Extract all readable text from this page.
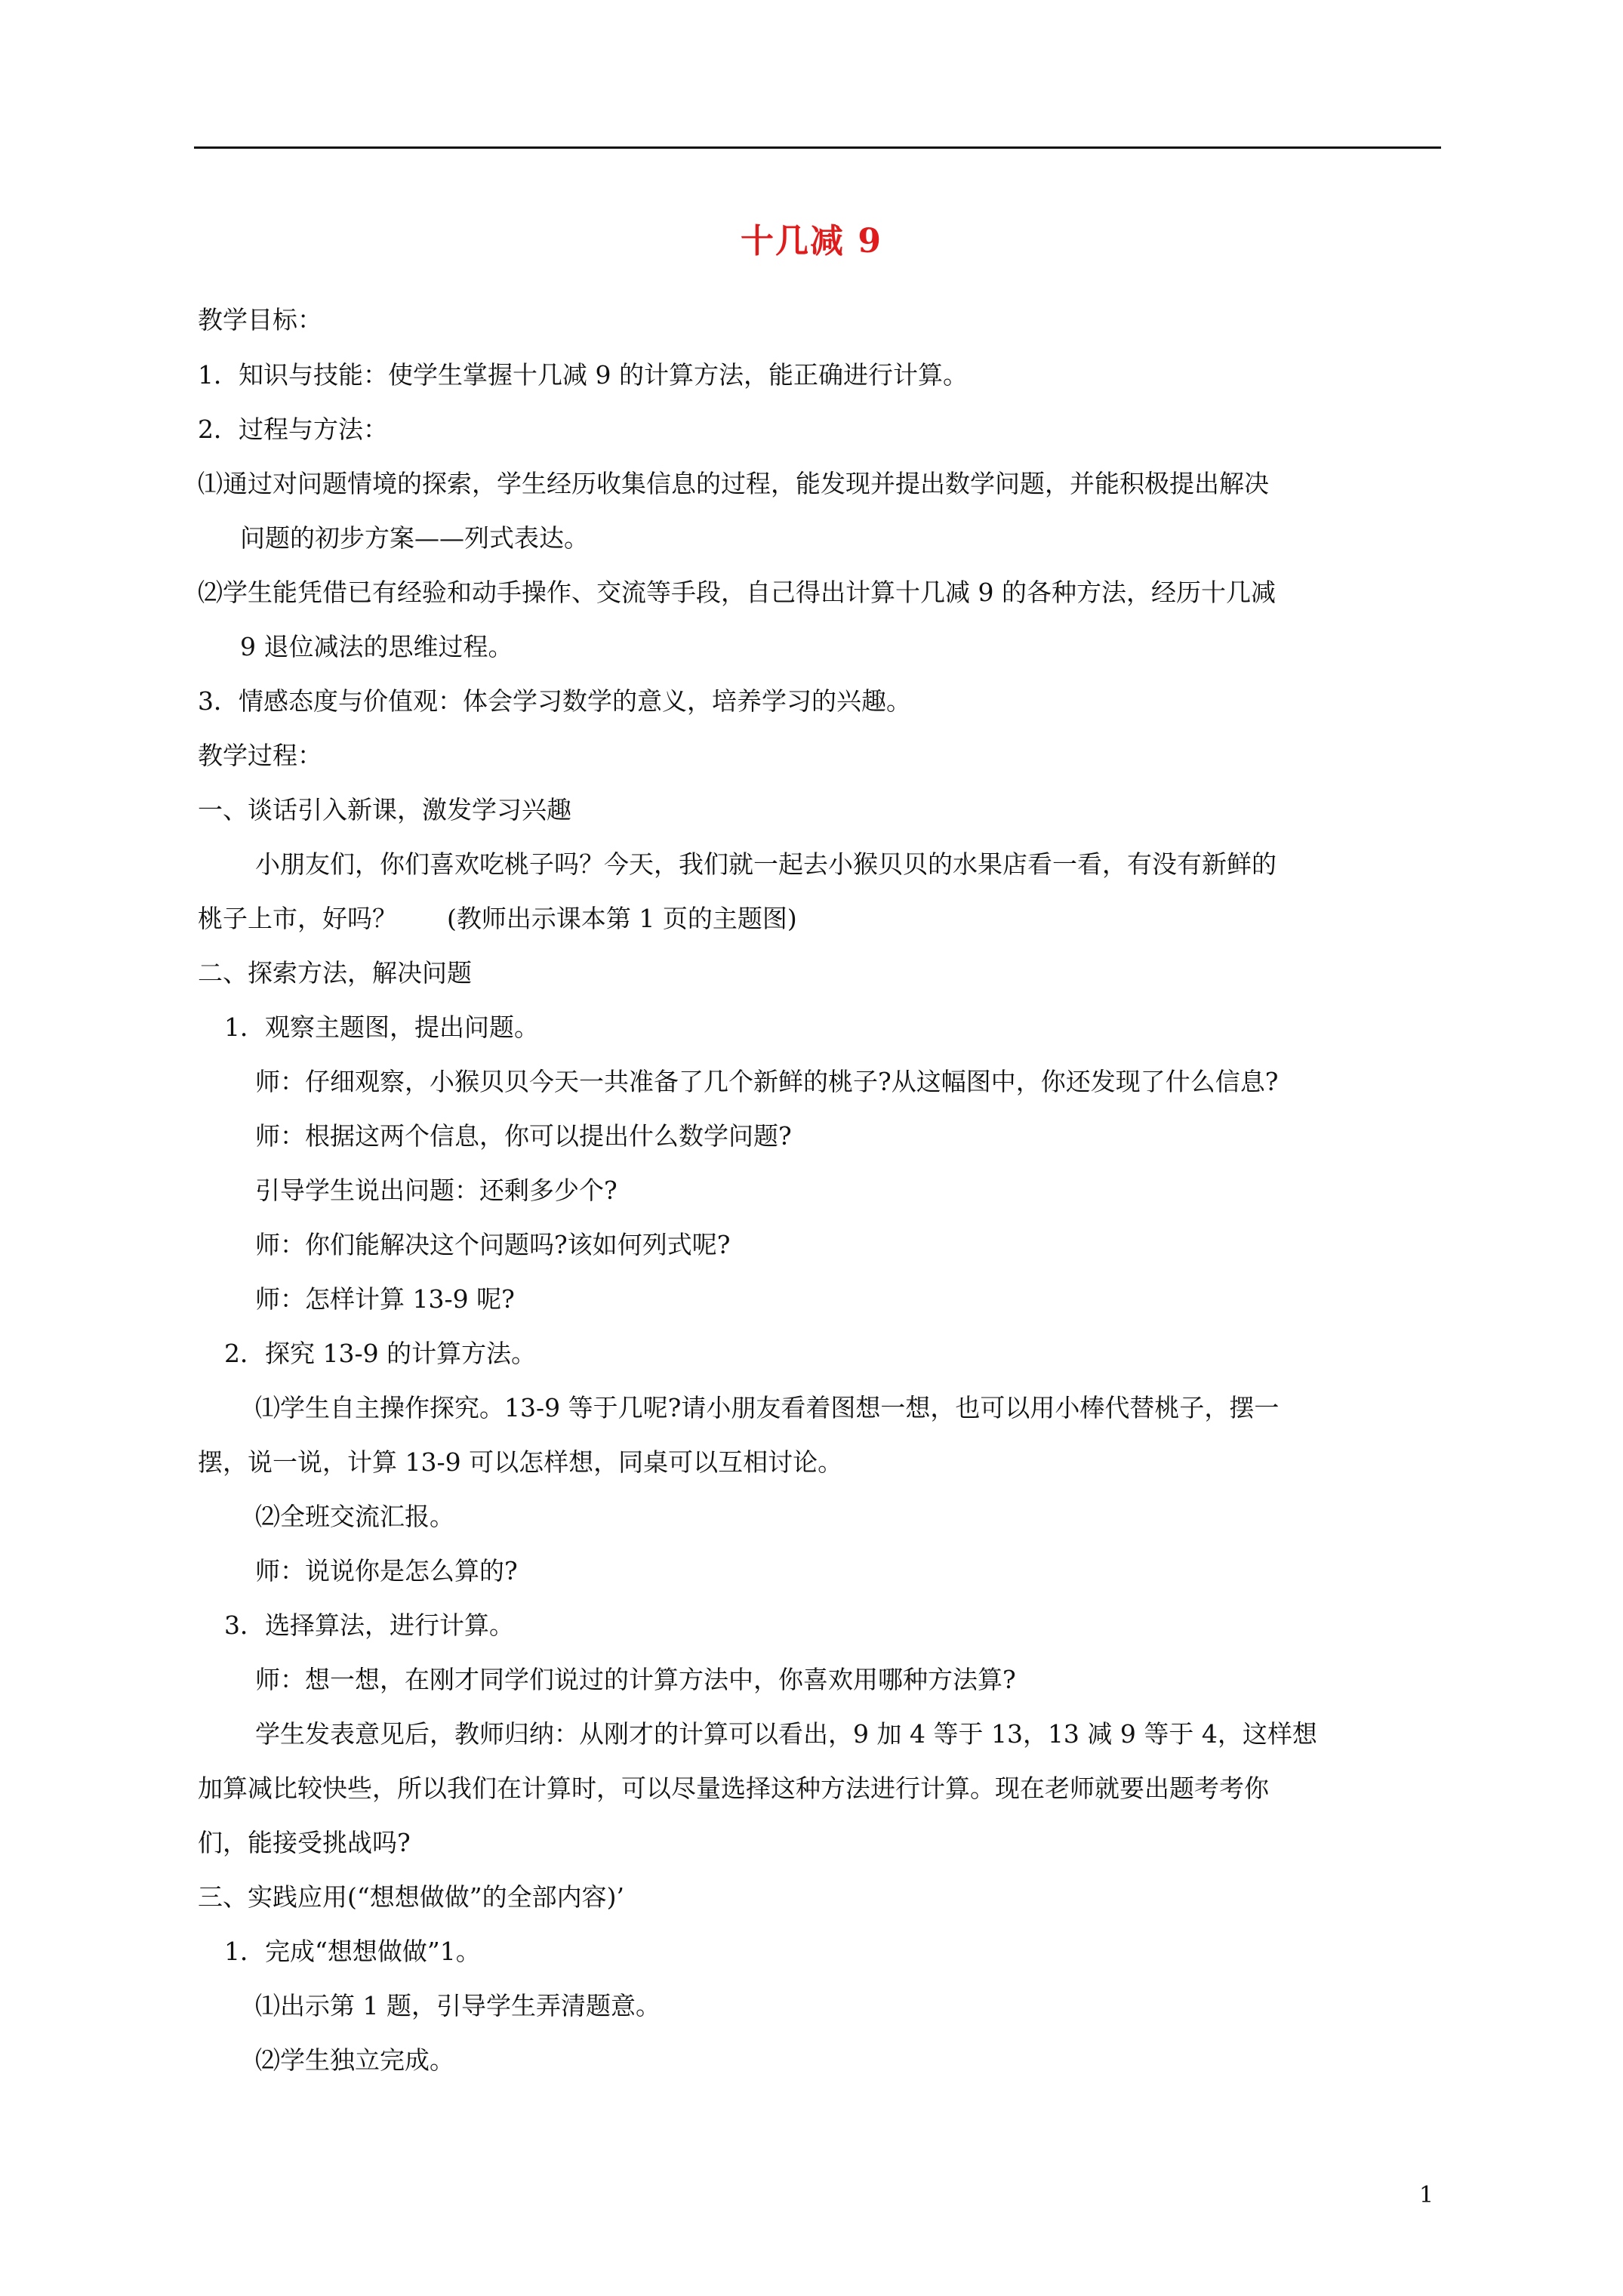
十几减 9
教学目标：
1．知识与技能：使学生掌握十几减 9 的计算方法，能正确进行计算。
2．过程与方法：
⑴通过对问题情境的探索，学生经历收集信息的过程，能发现并提出数学问题，并能积极提出解决
问题的初步方案——列式表达。
⑵学生能凭借已有经验和动手操作、交流等手段，自己得出计算十几减 9 的各种方法，经历十几减
9 退位减法的思维过程。
3．情感态度与价值观：体会学习数学的意义，培养学习的兴趣。
教学过程：
一、谈话引入新课，激发学习兴趣
小朋友们，你们喜欢吃桃子吗？今天，我们就一起去小猴贝贝的水果店看一看，有没有新鲜的
桃子上市，好吗？　　(教师出示课本第 1 页的主题图)
二、探索方法，解决问题
1．观察主题图，提出问题。
师：仔细观察，小猴贝贝今天一共准备了几个新鲜的桃子?从这幅图中，你还发现了什么信息?
师：根据这两个信息，你可以提出什么数学问题?
引导学生说出问题：还剩多少个?
师：你们能解决这个问题吗?该如何列式呢?
师：怎样计算 13-9 呢?
2．探究 13-9 的计算方法。
⑴学生自主操作探究。13-9 等于几呢?请小朋友看着图想一想，也可以用小棒代替桃子，摆一
摆，说一说，计算 13-9 可以怎样想，同桌可以互相讨论。
⑵全班交流汇报。
师：说说你是怎么算的?
3．选择算法，进行计算。
师：想一想，在刚才同学们说过的计算方法中，你喜欢用哪种方法算?
学生发表意见后，教师归纳：从刚才的计算可以看出，9 加 4 等于 13，13 减 9 等于 4，这样想
加算减比较快些，所以我们在计算时，可以尽量选择这种方法进行计算。现在老师就要出题考考你
们，能接受挑战吗?
三、实践应用(“想想做做”的全部内容)’
1．完成“想想做做”1。
⑴出示第 1 题，引导学生弄清题意。
⑵学生独立完成。
1
